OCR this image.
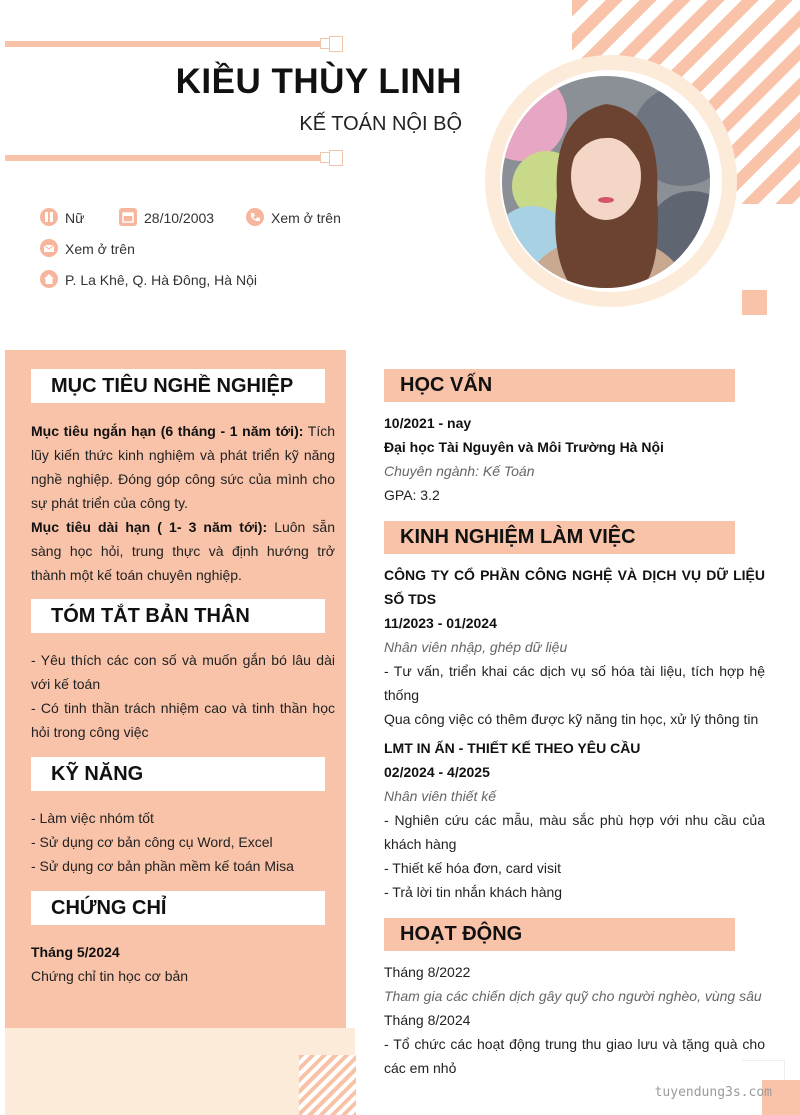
KIỀU THÙY LINH
KẾ TOÁN NỘI BỘ
Nữ	28/10/2003	Xem ở trên
Xem ở trên
P. La Khê, Q. Hà Đông, Hà Nội
MỤC TIÊU NGHỀ NGHIỆP
Mục tiêu ngắn hạn (6 tháng - 1 năm tới): Tích lũy kiến thức kinh nghiệm và phát triển kỹ năng nghề nghiệp. Đóng góp công sức của mình cho sự phát triển của công ty.
Mục tiêu dài hạn ( 1- 3 năm tới): Luôn sẵn sàng học hỏi, trung thực và định hướng trở thành một kế toán chuyên nghiệp.
TÓM TẮT BẢN THÂN
- Yêu thích các con số và muốn gắn bó lâu dài với kế toán
- Có tinh thần trách nhiệm cao và tinh thần học hỏi trong công việc
KỸ NĂNG
- Làm việc nhóm tốt
- Sử dụng cơ bản công cụ Word, Excel
- Sử dụng cơ bản phần mềm kế toán Misa
CHỨNG CHỈ
Tháng 5/2024
Chứng chỉ tin học cơ bản
HỌC VẤN
10/2021 - nay
Đại học Tài Nguyên và Môi Trường Hà Nội
Chuyên ngành: Kế Toán
GPA: 3.2
KINH NGHIỆM LÀM VIỆC
CÔNG TY CỔ PHẦN CÔNG NGHỆ VÀ DỊCH VỤ DỮ LIỆU SỐ TDS
11/2023 - 01/2024
Nhân viên nhập, ghép dữ liệu
- Tư vấn, triển khai các dịch vụ số hóa tài liệu, tích hợp hệ thống
Qua công việc có thêm được kỹ năng tin học, xử lý thông tin
LMT IN ẤN - THIẾT KẾ THEO YÊU CẦU
02/2024 - 4/2025
Nhân viên thiết kế
- Nghiên cứu các mẫu, màu sắc phù hợp với nhu cầu của khách hàng
- Thiết kế hóa đơn, card visit
- Trả lời tin nhắn khách hàng
HOẠT ĐỘNG
Tháng 8/2022
Tham gia các chiến dịch gây quỹ cho người nghèo, vùng sâu
Tháng 8/2024
- Tổ chức các hoạt động trung thu giao lưu và tặng quà cho các em nhỏ
tuyendung3s.com
